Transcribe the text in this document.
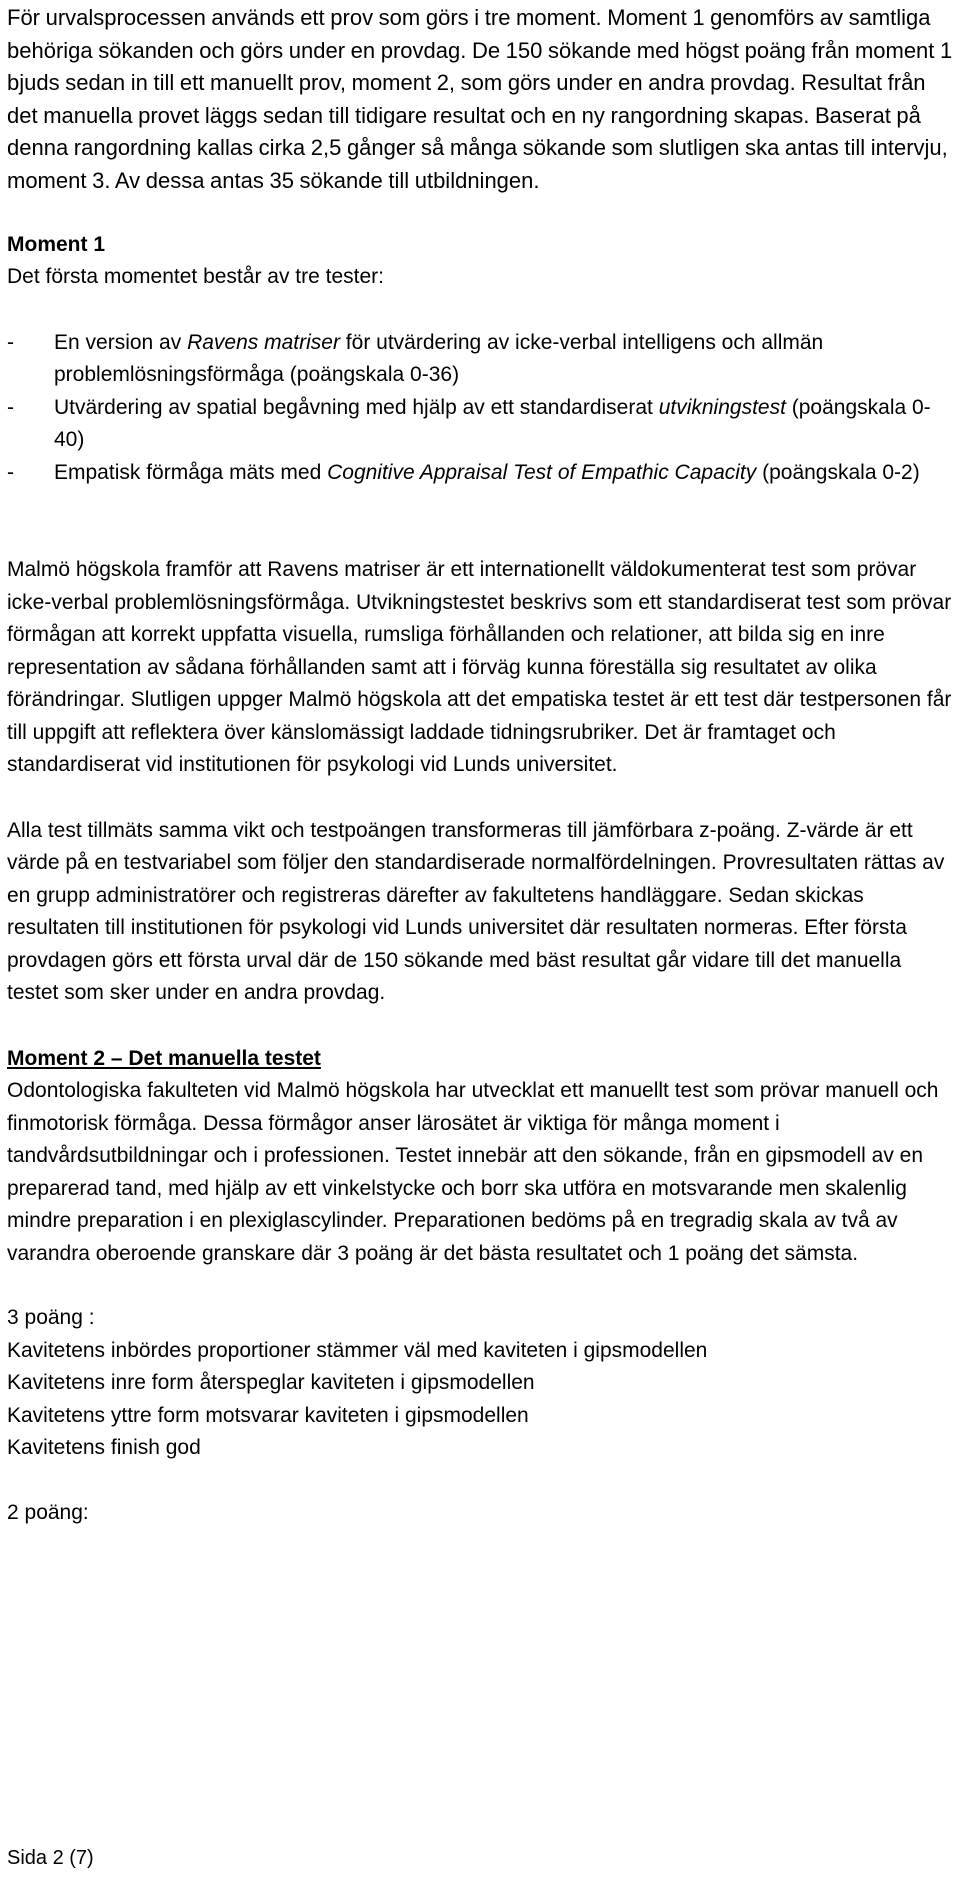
För urvalsprocessen används ett prov som görs i tre moment. Moment 1 genomförs av samtliga behöriga sökanden och görs under en provdag. De 150 sökande med högst poäng från moment 1 bjuds sedan in till ett manuellt prov, moment 2, som görs under en andra provdag. Resultat från det manuella provet läggs sedan till tidigare resultat och en ny rangordning skapas. Baserat på denna rangordning kallas cirka 2,5 gånger så många sökande som slutligen ska antas till intervju, moment 3. Av dessa antas 35 sökande till utbildningen.

Moment 1

Det första momentet består av tre tester:

- En version av Ravens matriser för utvärdering av icke-verbal intelligens och allmän problemlösningsförmåga (poängskala 0-36)
- Utvärdering av spatial begåvning med hjälp av ett standardiserat utvikningstest (poängskala 0-40)
- Empatisk förmåga mäts med Cognitive Appraisal Test of Empathic Capacity (poängskala 0-2)

Malmö högskola framför att Ravens matriser är ett internationellt väldokumenterat test som prövar icke-verbal problemlösningsförmåga. Utvikningstestet beskrivs som ett standardiserat test som prövar förmågan att korrekt uppfatta visuella, rumsliga förhållanden och relationer, att bilda sig en inre representation av sådana förhållanden samt att i förväg kunna föreställa sig resultatet av olika förändringar. Slutligen uppger Malmö högskola att det empatiska testet är ett test där testpersonen får till uppgift att reflektera över känslomässigt laddade tidningsrubriker. Det är framtaget och standardiserat vid institutionen för psykologi vid Lunds universitet.

Alla test tillmäts samma vikt och testpoängen transformeras till jämförbara z-poäng. Z-värde är ett värde på en testvariabel som följer den standardiserade normalfördelningen. Provresultaten rättas av en grupp administratörer och registreras därefter av fakultetens handläggare. Sedan skickas resultaten till institutionen för psykologi vid Lunds universitet där resultaten normeras. Efter första provdagen görs ett första urval där de 150 sökande med bäst resultat går vidare till det manuella testet som sker under en andra provdag.

Moment 2 – Det manuella testet

Odontologiska fakulteten vid Malmö högskola har utvecklat ett manuellt test som prövar manuell och finmotorisk förmåga. Dessa förmågor anser lärosätet är viktiga för många moment i tandvårdsutbildningar och i professionen. Testet innebär att den sökande, från en gipsmodell av en preparerad tand, med hjälp av ett vinkelstycke och borr ska utföra en motsvarande men skalenlig mindre preparation i en plexiglascylinder. Preparationen bedöms på en tregradig skala av två av varandra oberoende granskare där 3 poäng är det bästa resultatet och 1 poäng det sämsta.

3 poäng :

Kavitetens inbördes proportioner stämmer väl med kaviteten i gipsmodellen

Kavitetens inre form återspeglar kaviteten i gipsmodellen

Kavitetens yttre form motsvarar kaviteten i gipsmodellen

Kavitetens finish god

2 poäng:

Sida 2 (7)
